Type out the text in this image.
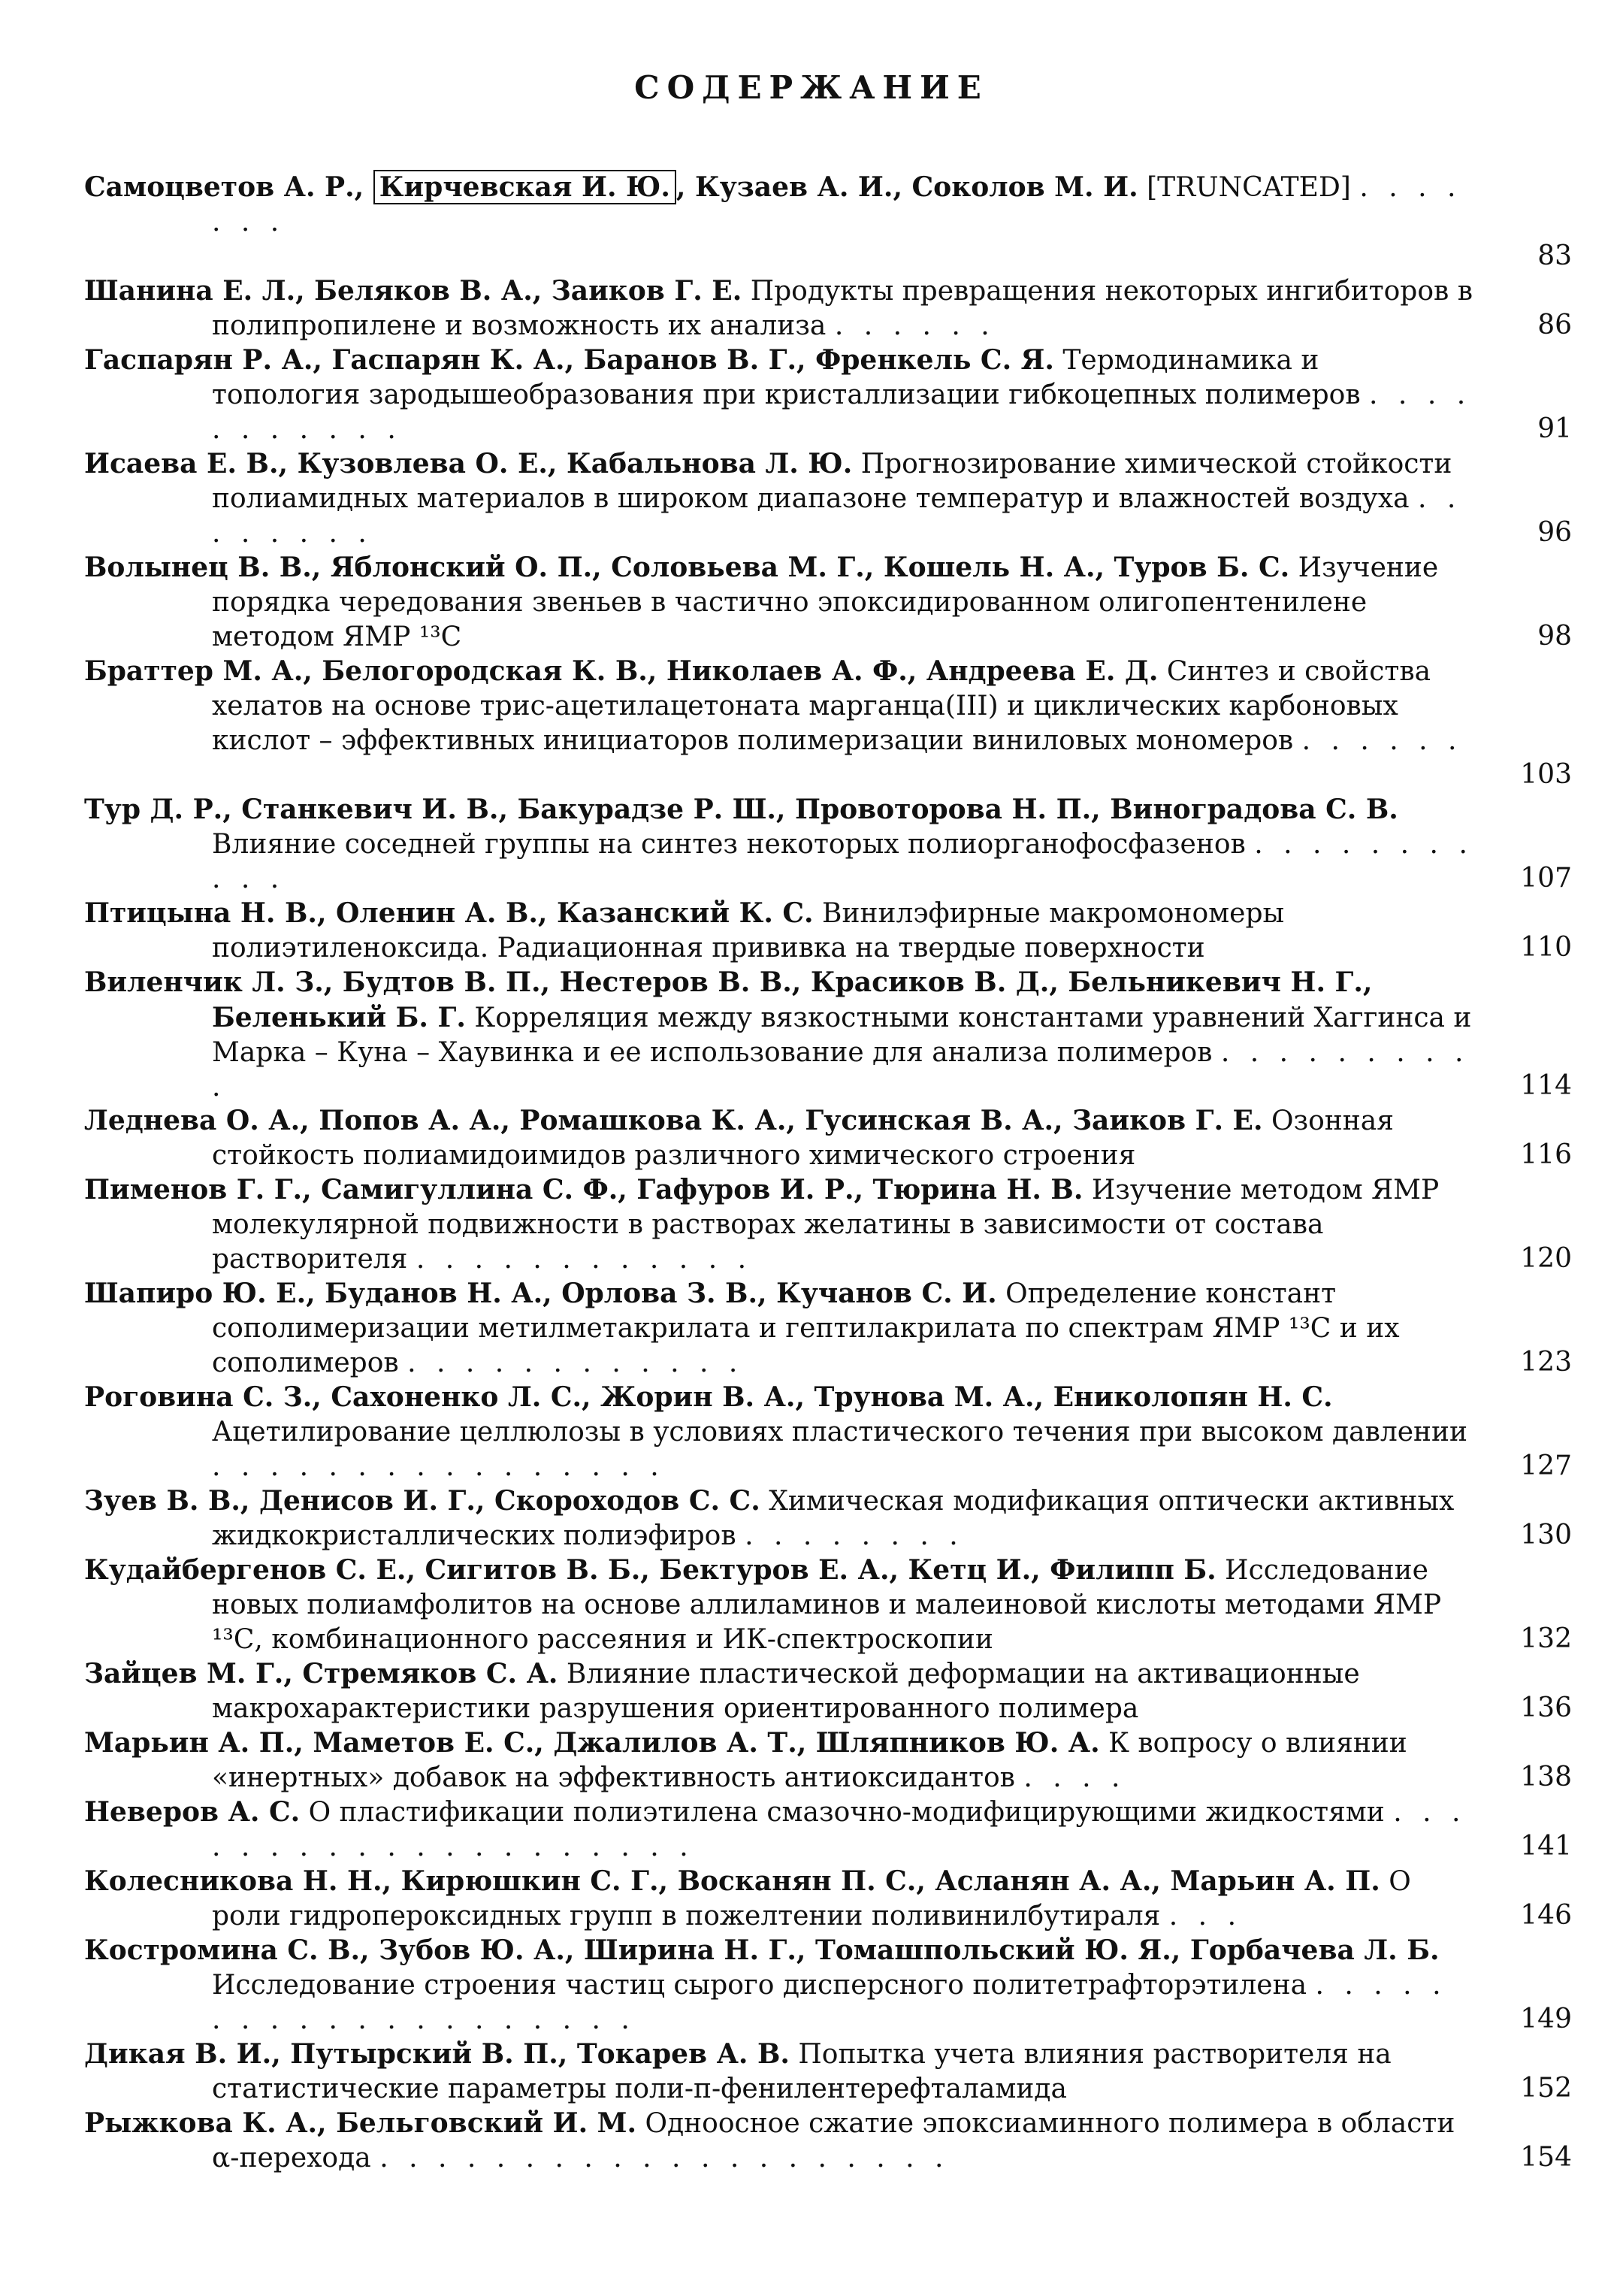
СОДЕРЖАНИЕ
Самоцветов А. Р., Кирчевская И. Ю. , Кузаев А. И., Соколов М. И. [TRUNCATED] . . . . . . .
83
Шанина Е. Л., Беляков В. А., Заиков Г. Е. Продукты превращения некоторых ингибиторов в полипропилене и возможность их анализа . . . . . .	86
Гаспарян Р. А., Гаспарян К. А., Баранов В. Г., Френкель С. Я. Термодинамика и топология зародышеобразования при кристаллизации гибкоцепных полимеров . . . . . . . . . . .	91
Исаева Е. В., Кузовлева О. Е., Кабальнова Л. Ю. Прогнозирование химической стойкости полиамидных материалов в широком диапазоне температур и влажностей воздуха . . . . . . . .	96
Волынец В. В., Яблонский О. П., Соловьева М. Г., Кошель Н. А., Туров Б. С. Изучение порядка чередования звеньев в частично эпоксидированном олигопентенилене методом ЯМР ¹³С	98
Браттер М. А., Белогородская К. В., Николаев А. Ф., Андреева Е. Д. Синтез и свойства хелатов на основе трис-ацетилацетоната марганца(III) и циклических карбоновых кислот – эффективных инициаторов полимеризации виниловых мономеров . . . . . .
103
Тур Д. Р., Станкевич И. В., Бакурадзе Р. Ш., Провоторова Н. П., Виноградова С. В. Влияние соседней группы на синтез некоторых полиорганофосфазенов . . . . . . . . . . .	107
Птицына Н. В., Оленин А. В., Казанский К. С. Винилэфирные макромономеры полиэтиленоксида. Радиационная прививка на твердые поверхности	110
Виленчик Л. З., Будтов В. П., Нестеров В. В., Красиков В. Д., Бельникевич Н. Г., Беленький Б. Г. Корреляция между вязкостными константами уравнений Хаггинса и Марка – Куна – Хаувинка и ее использование для анализа полимеров . . . . . . . . . .	114
Леднева О. А., Попов А. А., Ромашкова К. А., Гусинская В. А., Заиков Г. Е. Озонная стойкость полиамидоимидов различного химического строения	116
Пименов Г. Г., Самигуллина С. Ф., Гафуров И. Р., Тюрина Н. В. Изучение методом ЯМР молекулярной подвижности в растворах желатины в зависимости от состава растворителя . . . . . . . . . . . .	120
Шапиро Ю. Е., Буданов Н. А., Орлова З. В., Кучанов С. И. Определение констант сополимеризации метилметакрилата и гептилакрилата по спектрам ЯМР ¹³С и их сополимеров . . . . . . . . . . . .	123
Роговина С. З., Сахоненко Л. С., Жорин В. А., Трунова М. А., Ениколопян Н. С. Ацетилирование целлюлозы в условиях пластического течения при высоком давлении . . . . . . . . . . . . . . . .	127
Зуев В. В., Денисов И. Г., Скороходов С. С. Химическая модификация оптически активных жидкокристаллических полиэфиров . . . . . . . .	130
Кудайбергенов С. Е., Сигитов В. Б., Бектуров Е. А., Кетц И., Филипп Б. Исследование новых полиамфолитов на основе аллиламинов и малеиновой кислоты методами ЯМР ¹³С, комбинационного рассеяния и ИК-спектроскопии	132
Зайцев М. Г., Стремяков С. А. Влияние пластической деформации на активационные макрохарактеристики разрушения ориентированного полимера	136
Марьин А. П., Маметов Е. С., Джалилов А. Т., Шляпников Ю. А. К вопросу о влиянии «инертных» добавок на эффективность антиоксидантов . . . .	138
Неверов А. С. О пластификации полиэтилена смазочно-модифицирующими жидкостями . . . . . . . . . . . . . . . . . . . .	141
Колесникова Н. Н., Кирюшкин С. Г., Восканян П. С., Асланян А. А., Марьин А. П. О роли гидропероксидных групп в пожелтении поливинилбутираля . . .	146
Костромина С. В., Зубов Ю. А., Ширина Н. Г., Томашпольский Ю. Я., Горбачева Л. Б. Исследование строения частиц сырого дисперсного политетрафторэтилена . . . . . . . . . . . . . . . . . . . .	149
Дикая В. И., Путырский В. П., Токарев А. В. Попытка учета влияния растворителя на статистические параметры поли-п-фенилентерефталамида	152
Рыжкова К. А., Бельговский И. М. Одноосное сжатие эпоксиаминного полимера в области α-перехода . . . . . . . . . . . . . . . . . . . .	154
